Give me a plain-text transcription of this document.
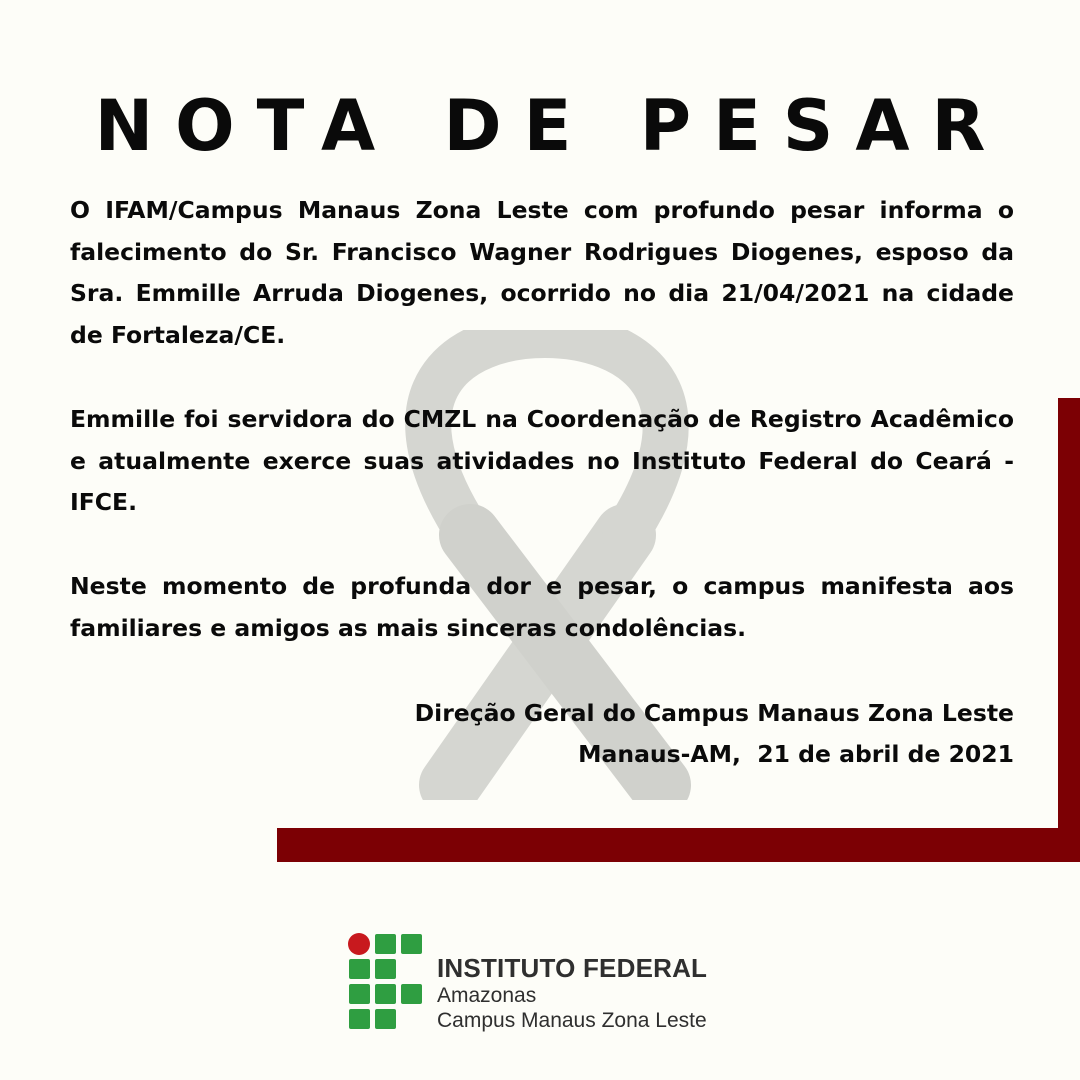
NOTA DE PESAR

O IFAM/Campus Manaus Zona Leste com profundo pesar informa o falecimento do Sr. Francisco Wagner Rodrigues Diogenes, esposo da Sra. Emmille Arruda Diogenes, ocorrido no dia 21/04/2021 na cidade de Fortaleza/CE.

Emmille foi servidora do CMZL na Coordenação de Registro Acadêmico e atualmente exerce suas atividades no Instituto Federal do Ceará - IFCE.

Neste momento de profunda dor e pesar, o campus manifesta aos familiares e amigos as mais sinceras condolências.

Direção Geral do Campus Manaus Zona Leste
Manaus-AM,  21 de abril de 2021
INSTITUTO FEDERAL
Amazonas
Campus Manaus Zona Leste
